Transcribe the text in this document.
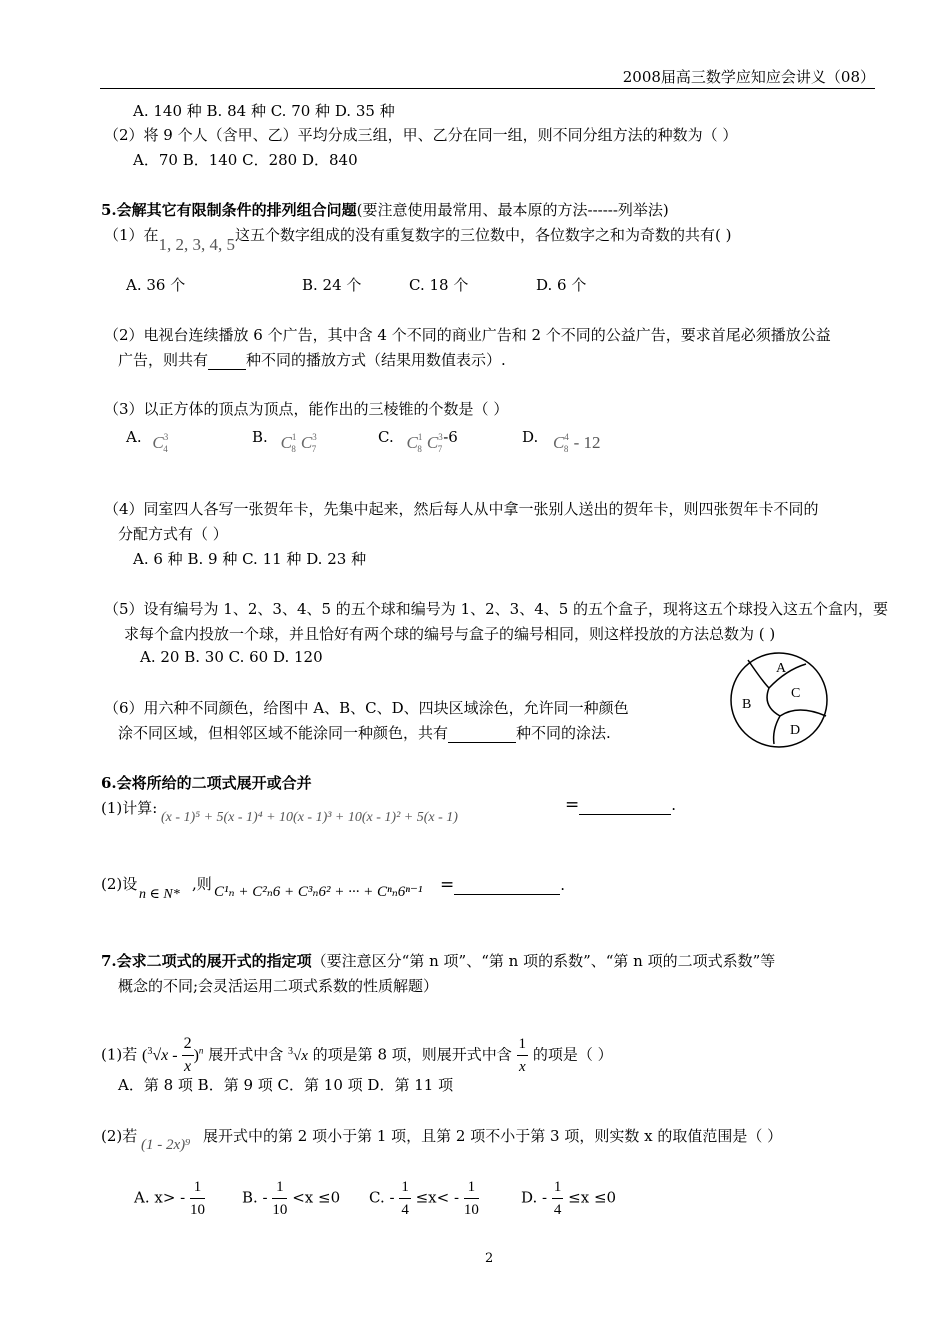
2008届高三数学应知应会讲义（08）
A. 140 种 B. 84 种 C. 70 种 D. 35 种
（2）将 9 个人（含甲、乙）平均分成三组，甲、乙分在同一组，则不同分组方法的种数为（ ）
A．70 B．140 C．280 D．840
5.会解其它有限制条件的排列组合问题(要注意使用最常用、最本原的方法------列举法)
（1）在1, 2, 3, 4, 5这五个数字组成的没有重复数字的三位数中，各位数字之和为奇数的共有( )
A. 36 个	B. 24 个	C. 18 个	D. 6 个
（2）电视台连续播放 6 个广告，其中含 4 个不同的商业广告和 2 个不同的公益广告，要求首尾必须播放公益
广告，则共有	种不同的播放方式（结果用数值表示）.
（3）以正方体的顶点为顶点，能作出的三棱锥的个数是（ ）
A. $C^3_4$
B. $C^1_8$ $C^3_7$
C. $C^1_8$ $C^3_7-6$	D. $C^4_8 - 12$
（4）同室四人各写一张贺年卡，先集中起来，然后每人从中拿一张别人送出的贺年卡，则四张贺年卡不同的
分配方式有（ ）
A. 6 种 B. 9 种 C. 11 种 D. 23 种
（5）设有编号为 1、2、3、4、5 的五个球和编号为 1、2、3、4、5 的五个盒子，现将这五个球投入这五个盒内，要
求每个盒内投放一个球，并且恰好有两个球的编号与盒子的编号相同，则这样投放的方法总数为 ( )
A. 20 B. 30 C. 60 D. 120
（6）用六种不同颜色，给图中 A、B、C、D、四块区域涂色，允许同一种颜色
涂不同区域，但相邻区域不能涂同一种颜色，共有	种不同的涂法.
A
C
B
D
6.会将所给的二项式展开或合并
(1)计算:
(x - 1)⁵ + 5(x - 1)⁴ + 10(x - 1)³ + 10(x - 1)² + 5(x - 1)
=	.
(2)设
n ∈ N*
,则 C¹ₙ + C²ₙ6 + C³ₙ6² + ··· + Cⁿₙ6ⁿ⁻¹ =	.
7.会求二项式的展开式的指定项（要注意区分“第 n 项”、“第 n 项的系数”、“第 n 项的二项式系数”等
概念的不同;会灵活运用二项式系数的性质解题）
(1)若 $(^3√x - \frac{2}{x} )^n$ 展开式中含 $^3$√x 的项是第 8 项，则展开式中含 $\frac{1}{x}$ 的项是（ ）
A．第 8 项 B．第 9 项 C．第 10 项 D．第 11 项
(2)若 (1 - 2x)⁹ 展开式中的第 2 项小于第 1 项，且第 2 项不小于第 3 项，则实数 x 的取值范围是（ ）
A. $x> - \frac{1}{10} B$. - $\frac{1}{10} <x \le 0$ C. - $\frac{1}{4} \le x< - \frac{1}{10}$	D. - $\frac{1}{4} \le x \le 0$
2
